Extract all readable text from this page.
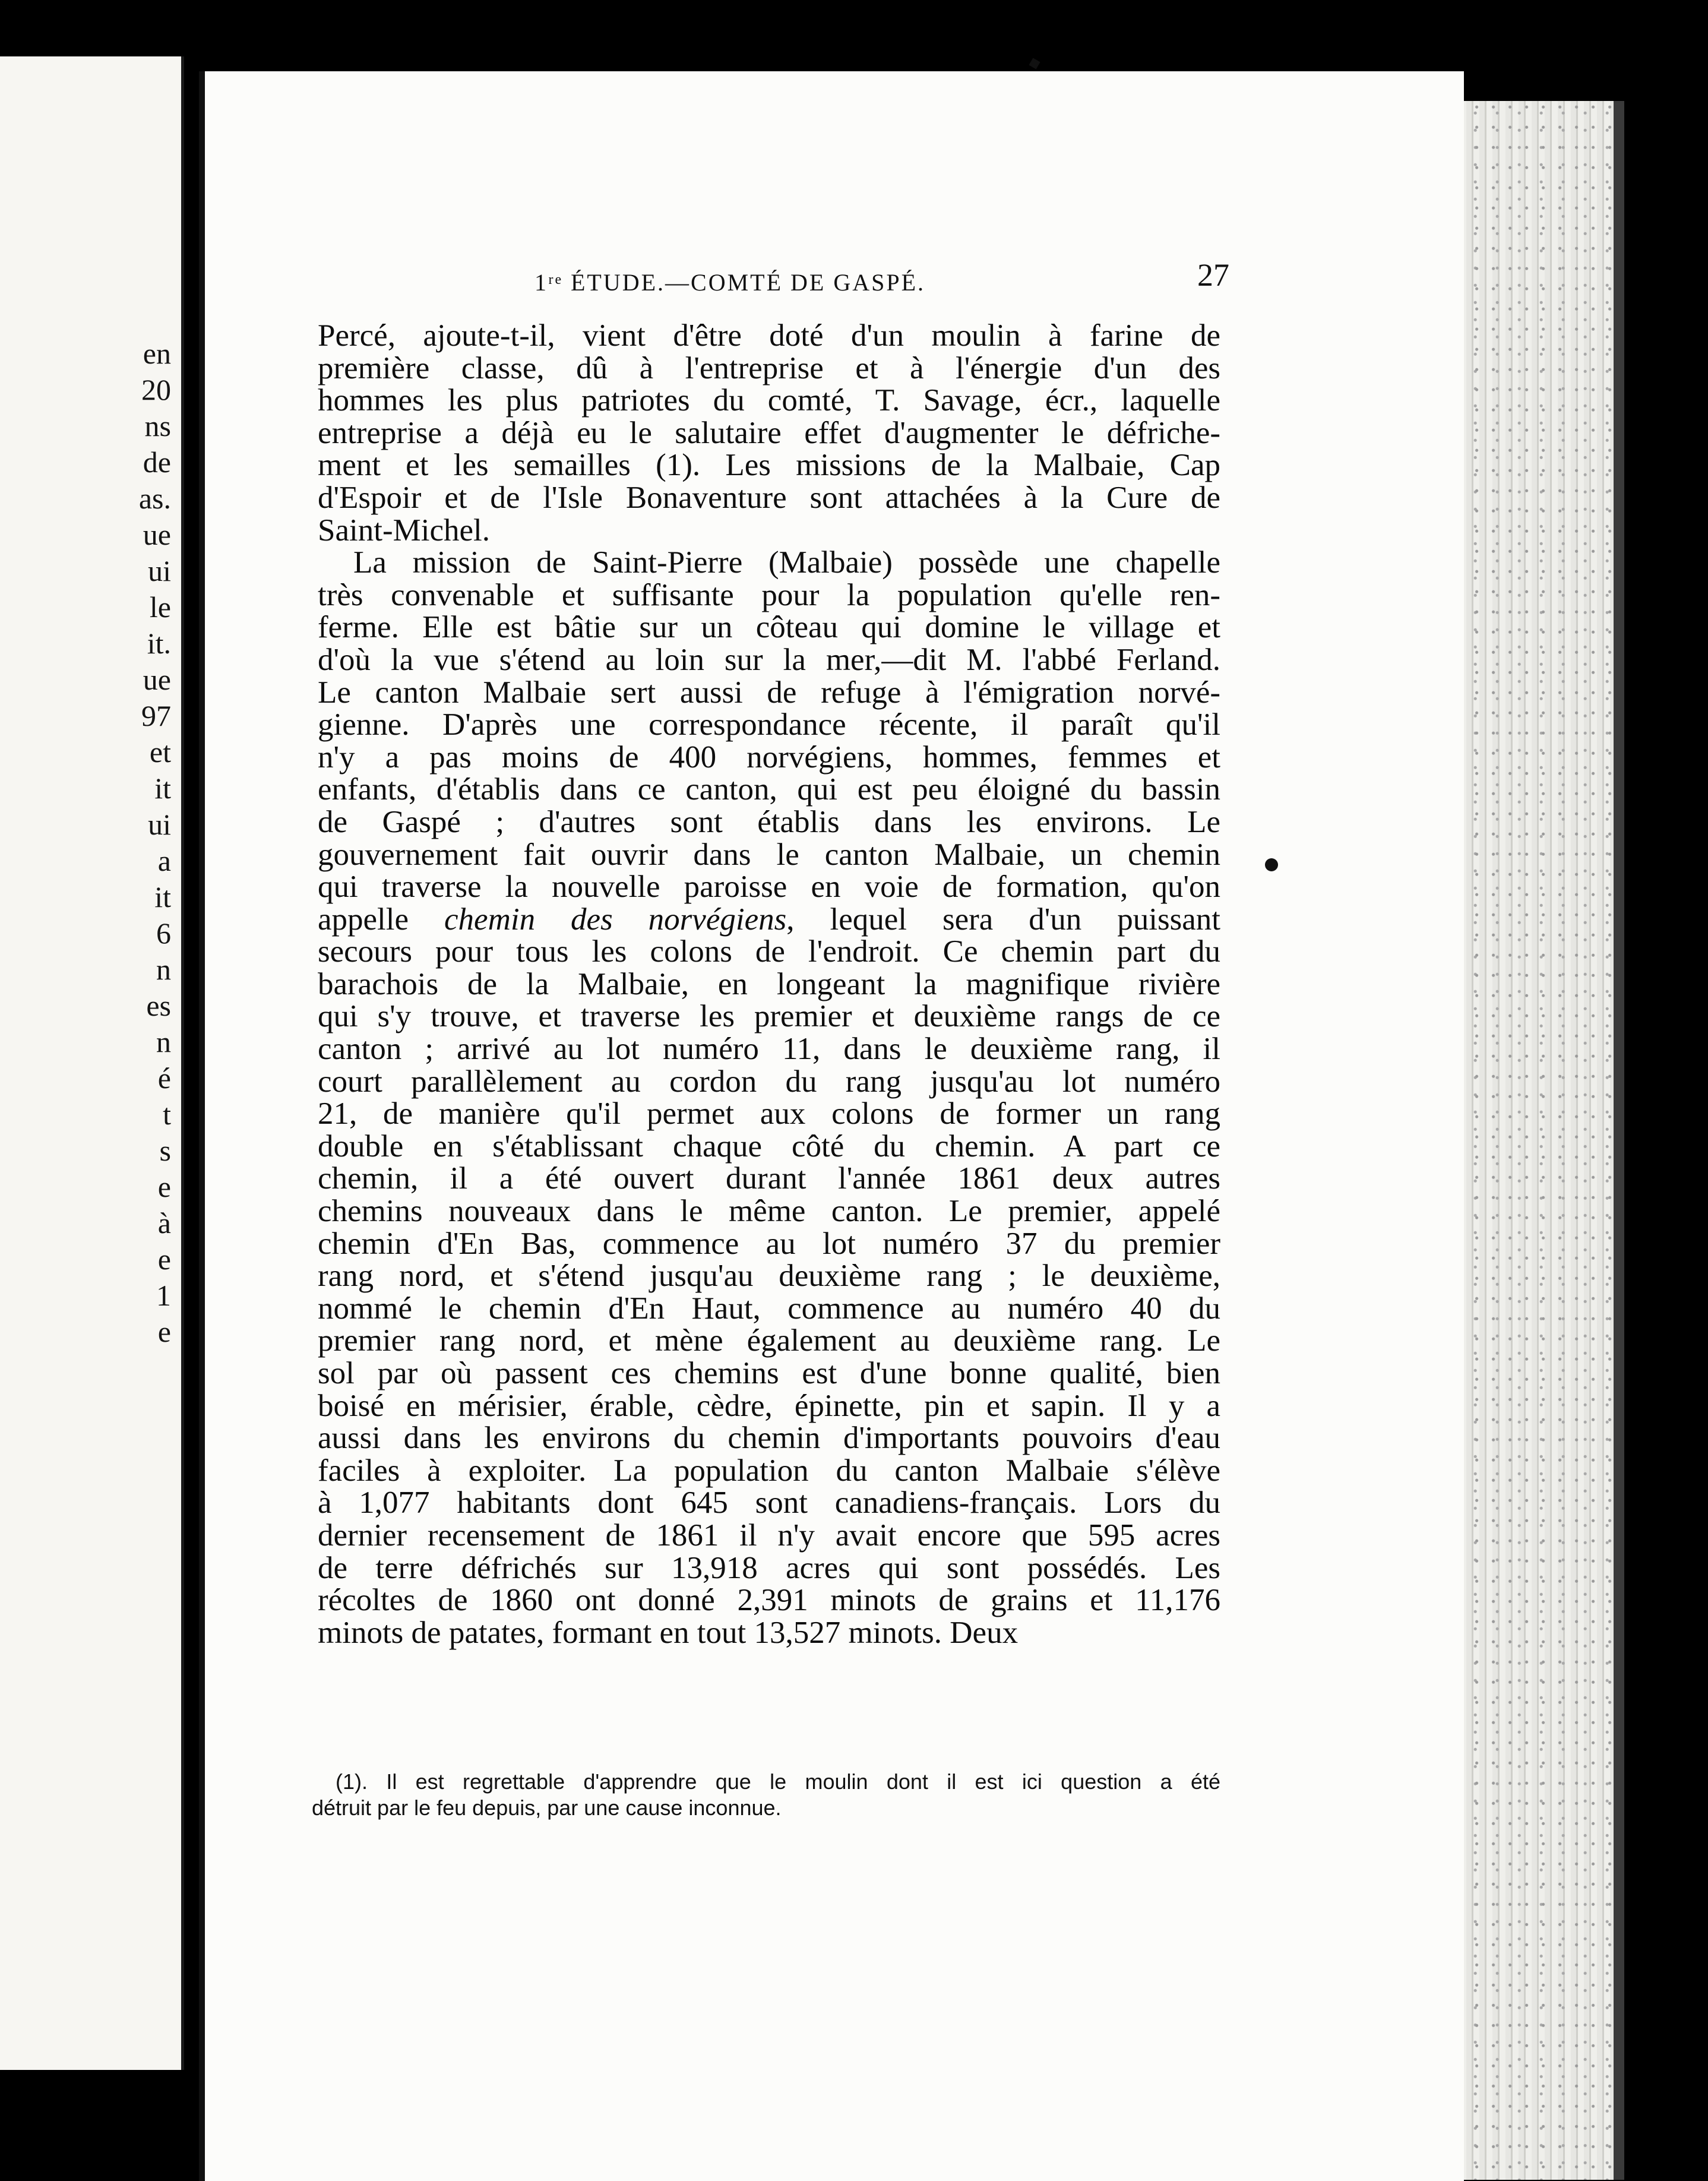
en
20
ns
de
as.
ue
ui
le
it.
ue
97
et
it
ui
a
it
6
n
es
n
é
t
s
e
à
e
1
e
1ʳᵉ ÉTUDE.—COMTÉ DE GASPÉ.	27
Percé, ajoute-t-il, vient d'être doté d'un moulin à farine de
première classe, dû à l'entreprise et à l'énergie d'un des
hommes les plus patriotes du comté, T. Savage, écr., laquelle
entreprise a déjà eu le salutaire effet d'augmenter le défriche-
ment et les semailles (1). Les missions de la Malbaie, Cap
d'Espoir et de l'Isle Bonaventure sont attachées à la Cure de
Saint-Michel.
La mission de Saint-Pierre (Malbaie) possède une chapelle
très convenable et suffisante pour la population qu'elle ren-
ferme. Elle est bâtie sur un côteau qui domine le village et
d'où la vue s'étend au loin sur la mer,—dit M. l'abbé Ferland.
Le canton Malbaie sert aussi de refuge à l'émigration norvé-
gienne. D'après une correspondance récente, il paraît qu'il
n'y a pas moins de 400 norvégiens, hommes, femmes et
enfants, d'établis dans ce canton, qui est peu éloigné du bassin
de Gaspé ; d'autres sont établis dans les environs. Le
gouvernement fait ouvrir dans le canton Malbaie, un chemin
qui traverse la nouvelle paroisse en voie de formation, qu'on
appelle chemin des norvégiens, lequel sera d'un puissant
secours pour tous les colons de l'endroit. Ce chemin part du
barachois de la Malbaie, en longeant la magnifique rivière
qui s'y trouve, et traverse les premier et deuxième rangs de ce
canton ; arrivé au lot numéro 11, dans le deuxième rang, il
court parallèlement au cordon du rang jusqu'au lot numéro
21, de manière qu'il permet aux colons de former un rang
double en s'établissant chaque côté du chemin. A part ce
chemin, il a été ouvert durant l'année 1861 deux autres
chemins nouveaux dans le même canton. Le premier, appelé
chemin d'En Bas, commence au lot numéro 37 du premier
rang nord, et s'étend jusqu'au deuxième rang ; le deuxième,
nommé le chemin d'En Haut, commence au numéro 40 du
premier rang nord, et mène également au deuxième rang. Le
sol par où passent ces chemins est d'une bonne qualité, bien
boisé en mérisier, érable, cèdre, épinette, pin et sapin. Il y a
aussi dans les environs du chemin d'importants pouvoirs d'eau
faciles à exploiter. La population du canton Malbaie s'élève
à 1,077 habitants dont 645 sont canadiens-français. Lors du
dernier recensement de 1861 il n'y avait encore que 595 acres
de terre défrichés sur 13,918 acres qui sont possédés. Les
récoltes de 1860 ont donné 2,391 minots de grains et 11,176
minots de patates, formant en tout 13,527 minots. Deux
(1). Il est regrettable d'apprendre que le moulin dont il est ici question a été
détruit par le feu depuis, par une cause inconnue.
